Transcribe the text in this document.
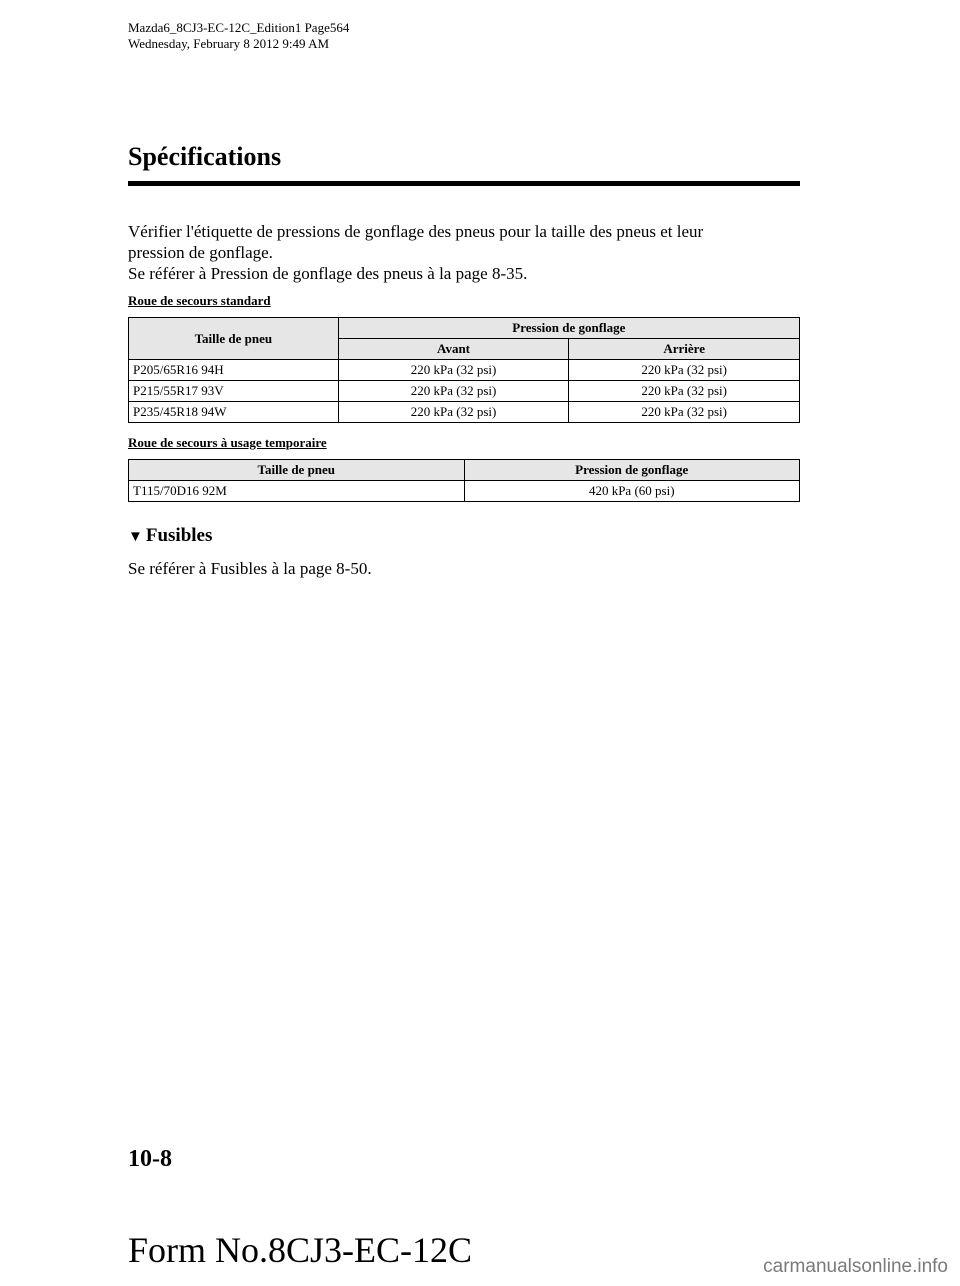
Mazda6_8CJ3-EC-12C_Edition1 Page564
Wednesday, February 8 2012 9:49 AM
Spécifications

Vérifier l'étiquette de pressions de gonflage des pneus pour la taille des pneus et leur

pression de gonflage.

Se référer à Pression de gonflage des pneus à la page 8-35.

Roue de secours standard
Taille de pneu	Pression de gonflage	
	Avant	Arrière
P205/65R16 94H	220 kPa (32 psi)	220 kPa (32 psi)
P215/55R17 93V	220 kPa (32 psi)	220 kPa (32 psi)
P235/45R18 94W	220 kPa (32 psi)	220 kPa (32 psi)
Roue de secours à usage temporaire
Taille de pneu	Pression de gonflage
T115/70D16 92M	420 kPa (60 psi)
▼ Fusibles
Se référer à Fusibles à la page 8-50.
10-8
Form No.8CJ3-EC-12C	carmanualsonline.info
